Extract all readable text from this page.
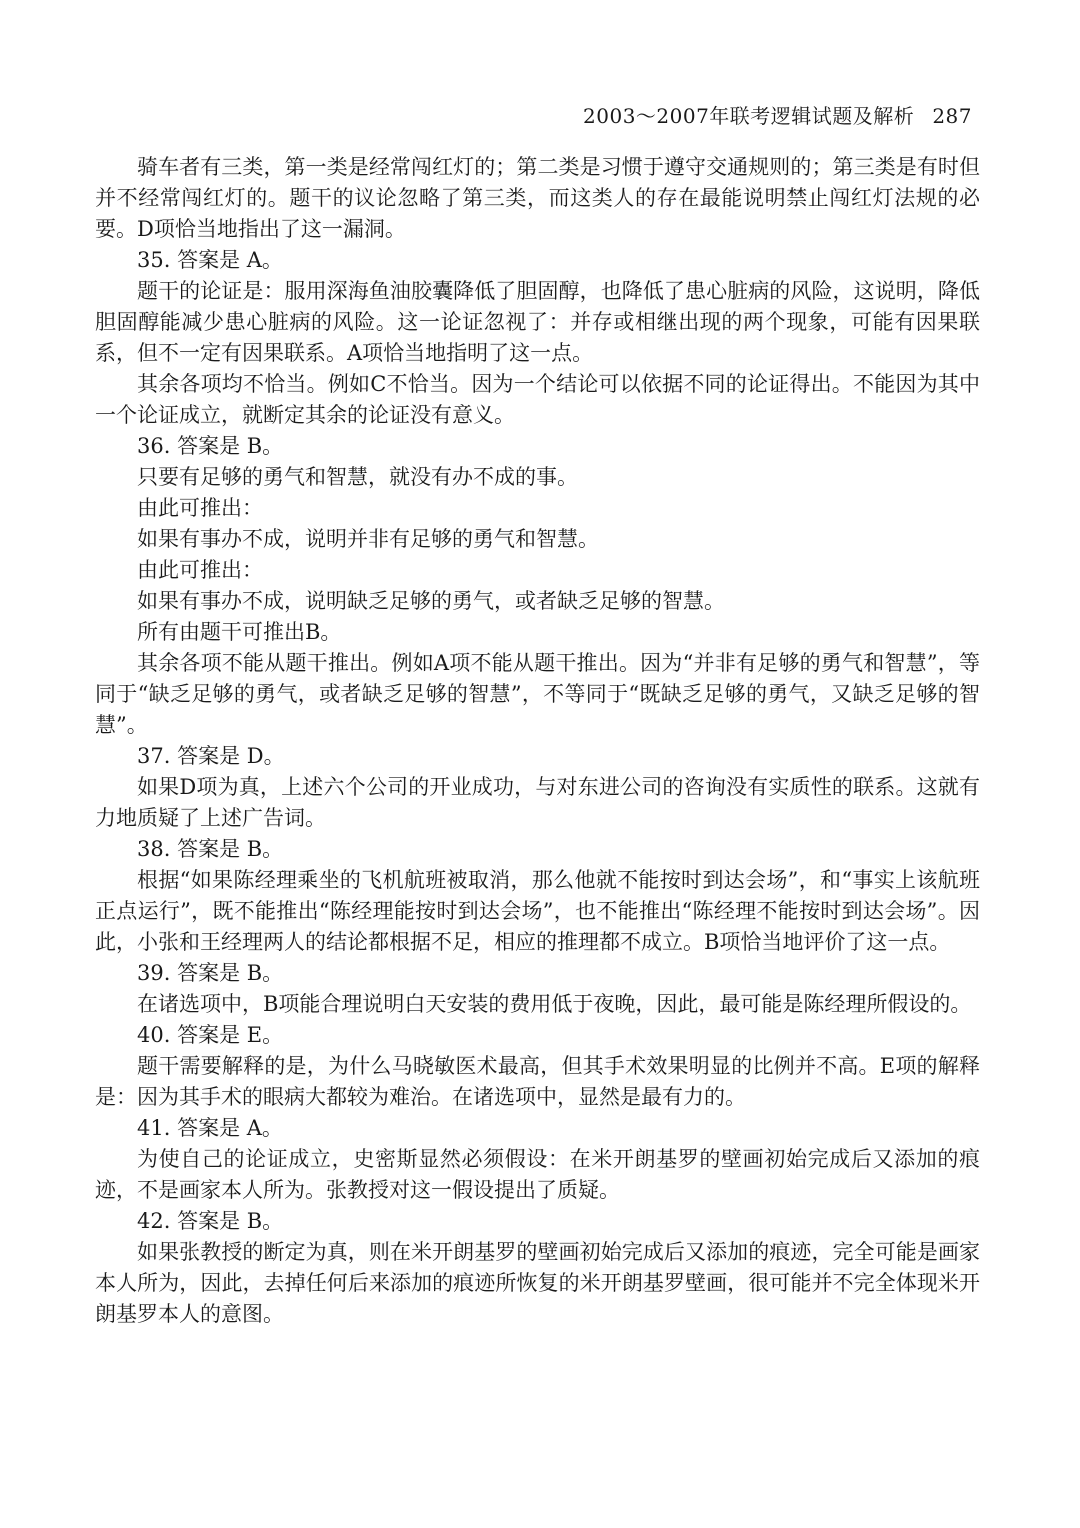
2003～2007年联考逻辑试题及解析 287

骑车者有三类，第一类是经常闯红灯的；第二类是习惯于遵守交通规则的；第三类是有时但并不经常闯红灯的。题干的议论忽略了第三类，而这类人的存在最能说明禁止闯红灯法规的必要。D项恰当地指出了这一漏洞。

35. 答案是 A。

题干的论证是：服用深海鱼油胶囊降低了胆固醇，也降低了患心脏病的风险，这说明，降低胆固醇能减少患心脏病的风险。这一论证忽视了：并存或相继出现的两个现象，可能有因果联系，但不一定有因果联系。A项恰当地指明了这一点。

其余各项均不恰当。例如C不恰当。因为一个结论可以依据不同的论证得出。不能因为其中一个论证成立，就断定其余的论证没有意义。

36. 答案是 B。

只要有足够的勇气和智慧，就没有办不成的事。

由此可推出：

如果有事办不成，说明并非有足够的勇气和智慧。

由此可推出：

如果有事办不成，说明缺乏足够的勇气，或者缺乏足够的智慧。

所有由题干可推出B。

其余各项不能从题干推出。例如A项不能从题干推出。因为“并非有足够的勇气和智慧”，等同于“缺乏足够的勇气，或者缺乏足够的智慧”，不等同于“既缺乏足够的勇气，又缺乏足够的智慧”。

37. 答案是 D。

如果D项为真，上述六个公司的开业成功，与对东进公司的咨询没有实质性的联系。这就有力地质疑了上述广告词。

38. 答案是 B。

根据“如果陈经理乘坐的飞机航班被取消，那么他就不能按时到达会场”，和“事实上该航班正点运行”，既不能推出“陈经理能按时到达会场”，也不能推出“陈经理不能按时到达会场”。因此，小张和王经理两人的结论都根据不足，相应的推理都不成立。B项恰当地评价了这一点。

39. 答案是 B。

在诸选项中，B项能合理说明白天安装的费用低于夜晚，因此，最可能是陈经理所假设的。

40. 答案是 E。

题干需要解释的是，为什么马晓敏医术最高，但其手术效果明显的比例并不高。E项的解释是：因为其手术的眼病大都较为难治。在诸选项中，显然是最有力的。

41. 答案是 A。

为使自己的论证成立，史密斯显然必须假设：在米开朗基罗的壁画初始完成后又添加的痕迹，不是画家本人所为。张教授对这一假设提出了质疑。

42. 答案是 B。

如果张教授的断定为真，则在米开朗基罗的壁画初始完成后又添加的痕迹，完全可能是画家本人所为，因此，去掉任何后来添加的痕迹所恢复的米开朗基罗壁画，很可能并不完全体现米开朗基罗本人的意图。
